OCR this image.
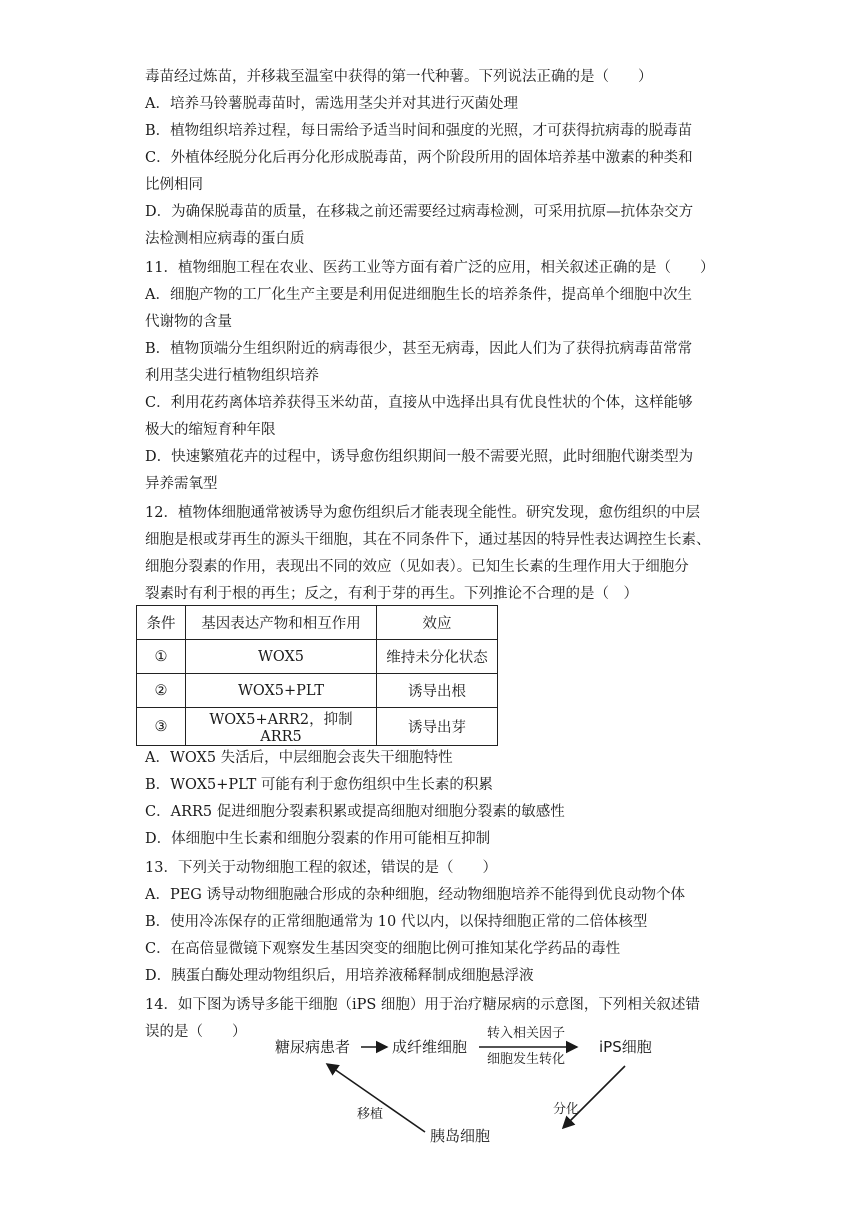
毒苗经过炼苗，并移栽至温室中获得的第一代种薯。下列说法正确的是（　　）
A．培养马铃薯脱毒苗时，需选用茎尖并对其进行灭菌处理
B．植物组织培养过程，每日需给予适当时间和强度的光照，才可获得抗病毒的脱毒苗
C．外植体经脱分化后再分化形成脱毒苗，两个阶段所用的固体培养基中激素的种类和
比例相同
D．为确保脱毒苗的质量，在移栽之前还需要经过病毒检测，可采用抗原—抗体杂交方
法检测相应病毒的蛋白质
11．植物细胞工程在农业、医药工业等方面有着广泛的应用，相关叙述正确的是（　　）
A．细胞产物的工厂化生产主要是利用促进细胞生长的培养条件，提高单个细胞中次生
代谢物的含量
B．植物顶端分生组织附近的病毒很少，甚至无病毒，因此人们为了获得抗病毒苗常常
利用茎尖进行植物组织培养
C．利用花药离体培养获得玉米幼苗，直接从中选择出具有优良性状的个体，这样能够
极大的缩短育种年限
D．快速繁殖花卉的过程中，诱导愈伤组织期间一般不需要光照，此时细胞代谢类型为
异养需氧型
12．植物体细胞通常被诱导为愈伤组织后才能表现全能性。研究发现，愈伤组织的中层
细胞是根或芽再生的源头干细胞，其在不同条件下，通过基因的特异性表达调控生长素、
细胞分裂素的作用，表现出不同的效应（见如表）。已知生长素的生理作用大于细胞分
裂素时有利于根的再生；反之，有利于芽的再生。下列推论不合理的是（　）
条件	基因表达产物和相互作用	效应
①	WOX5	维持未分化状态
②	WOX5+PLT	诱导出根
③	WOX5+ARR2，抑制 ARR5	诱导出芽
A．WOX5 失活后，中层细胞会丧失干细胞特性
B．WOX5+PLT 可能有利于愈伤组织中生长素的积累
C．ARR5 促进细胞分裂素积累或提高细胞对细胞分裂素的敏感性
D．体细胞中生长素和细胞分裂素的作用可能相互抑制
13．下列关于动物细胞工程的叙述，错误的是（　　）
A．PEG 诱导动物细胞融合形成的杂种细胞，经动物细胞培养不能得到优良动物个体
B．使用冷冻保存的正常细胞通常为 10 代以内，以保持细胞正常的二倍体核型
C．在高倍显微镜下观察发生基因突变的细胞比例可推知某化学药品的毒性
D．胰蛋白酶处理动物组织后，用培养液稀释制成细胞悬浮液
14．如下图为诱导多能干细胞（iPS 细胞）用于治疗糖尿病的示意图，下列相关叙述错
误的是（　　）
糖尿病患者	成纤维细胞
转入相关因子
细胞发生转化
iPS细胞
分化
胰岛细胞
移植
